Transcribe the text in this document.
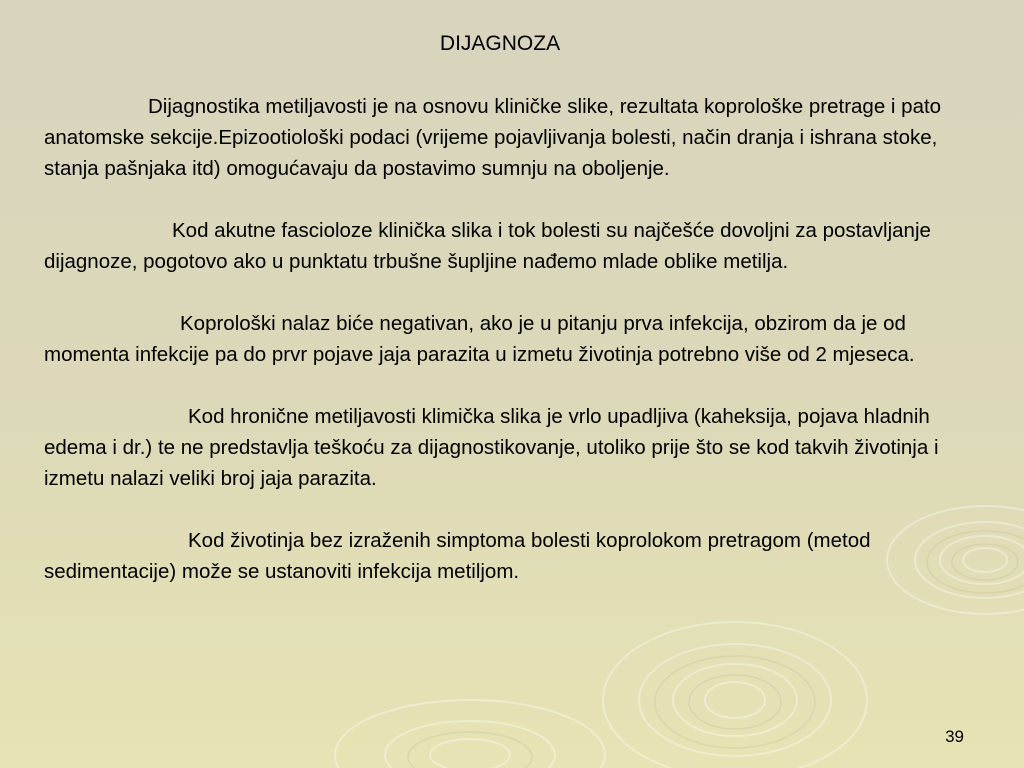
DIJAGNOZA

Dijagnostika metiljavosti je na osnovu kliničke slike, rezultata koprološke pretrage i pato anatomske sekcije.Epizootiološki podaci (vrijeme pojavljivanja bolesti, način dranja i ishrana stoke, stanja pašnjaka itd) omogućavaju da postavimo sumnju na oboljenje.

Kod akutne fascioloze klinička slika i tok bolesti su najčešće dovoljni za postavljanje dijagnoze, pogotovo ako u punktatu trbušne šupljine nađemo mlade oblike metilja.

Koprološki nalaz biće negativan, ako je u pitanju prva infekcija, obzirom da je od momenta infekcije pa do prvr pojave jaja parazita u izmetu životinja potrebno više od 2 mjeseca.

Kod hronične metiljavosti klimička slika je vrlo upadljiva (kaheksija, pojava hladnih edema i dr.) te ne predstavlja teškoću za dijagnostikovanje, utoliko prije što se kod takvih životinja i izmetu nalazi veliki broj jaja parazita.

Kod životinja bez izraženih simptoma bolesti koprolokom pretragom (metod sedimentacije) može se ustanoviti infekcija metiljom.

39
